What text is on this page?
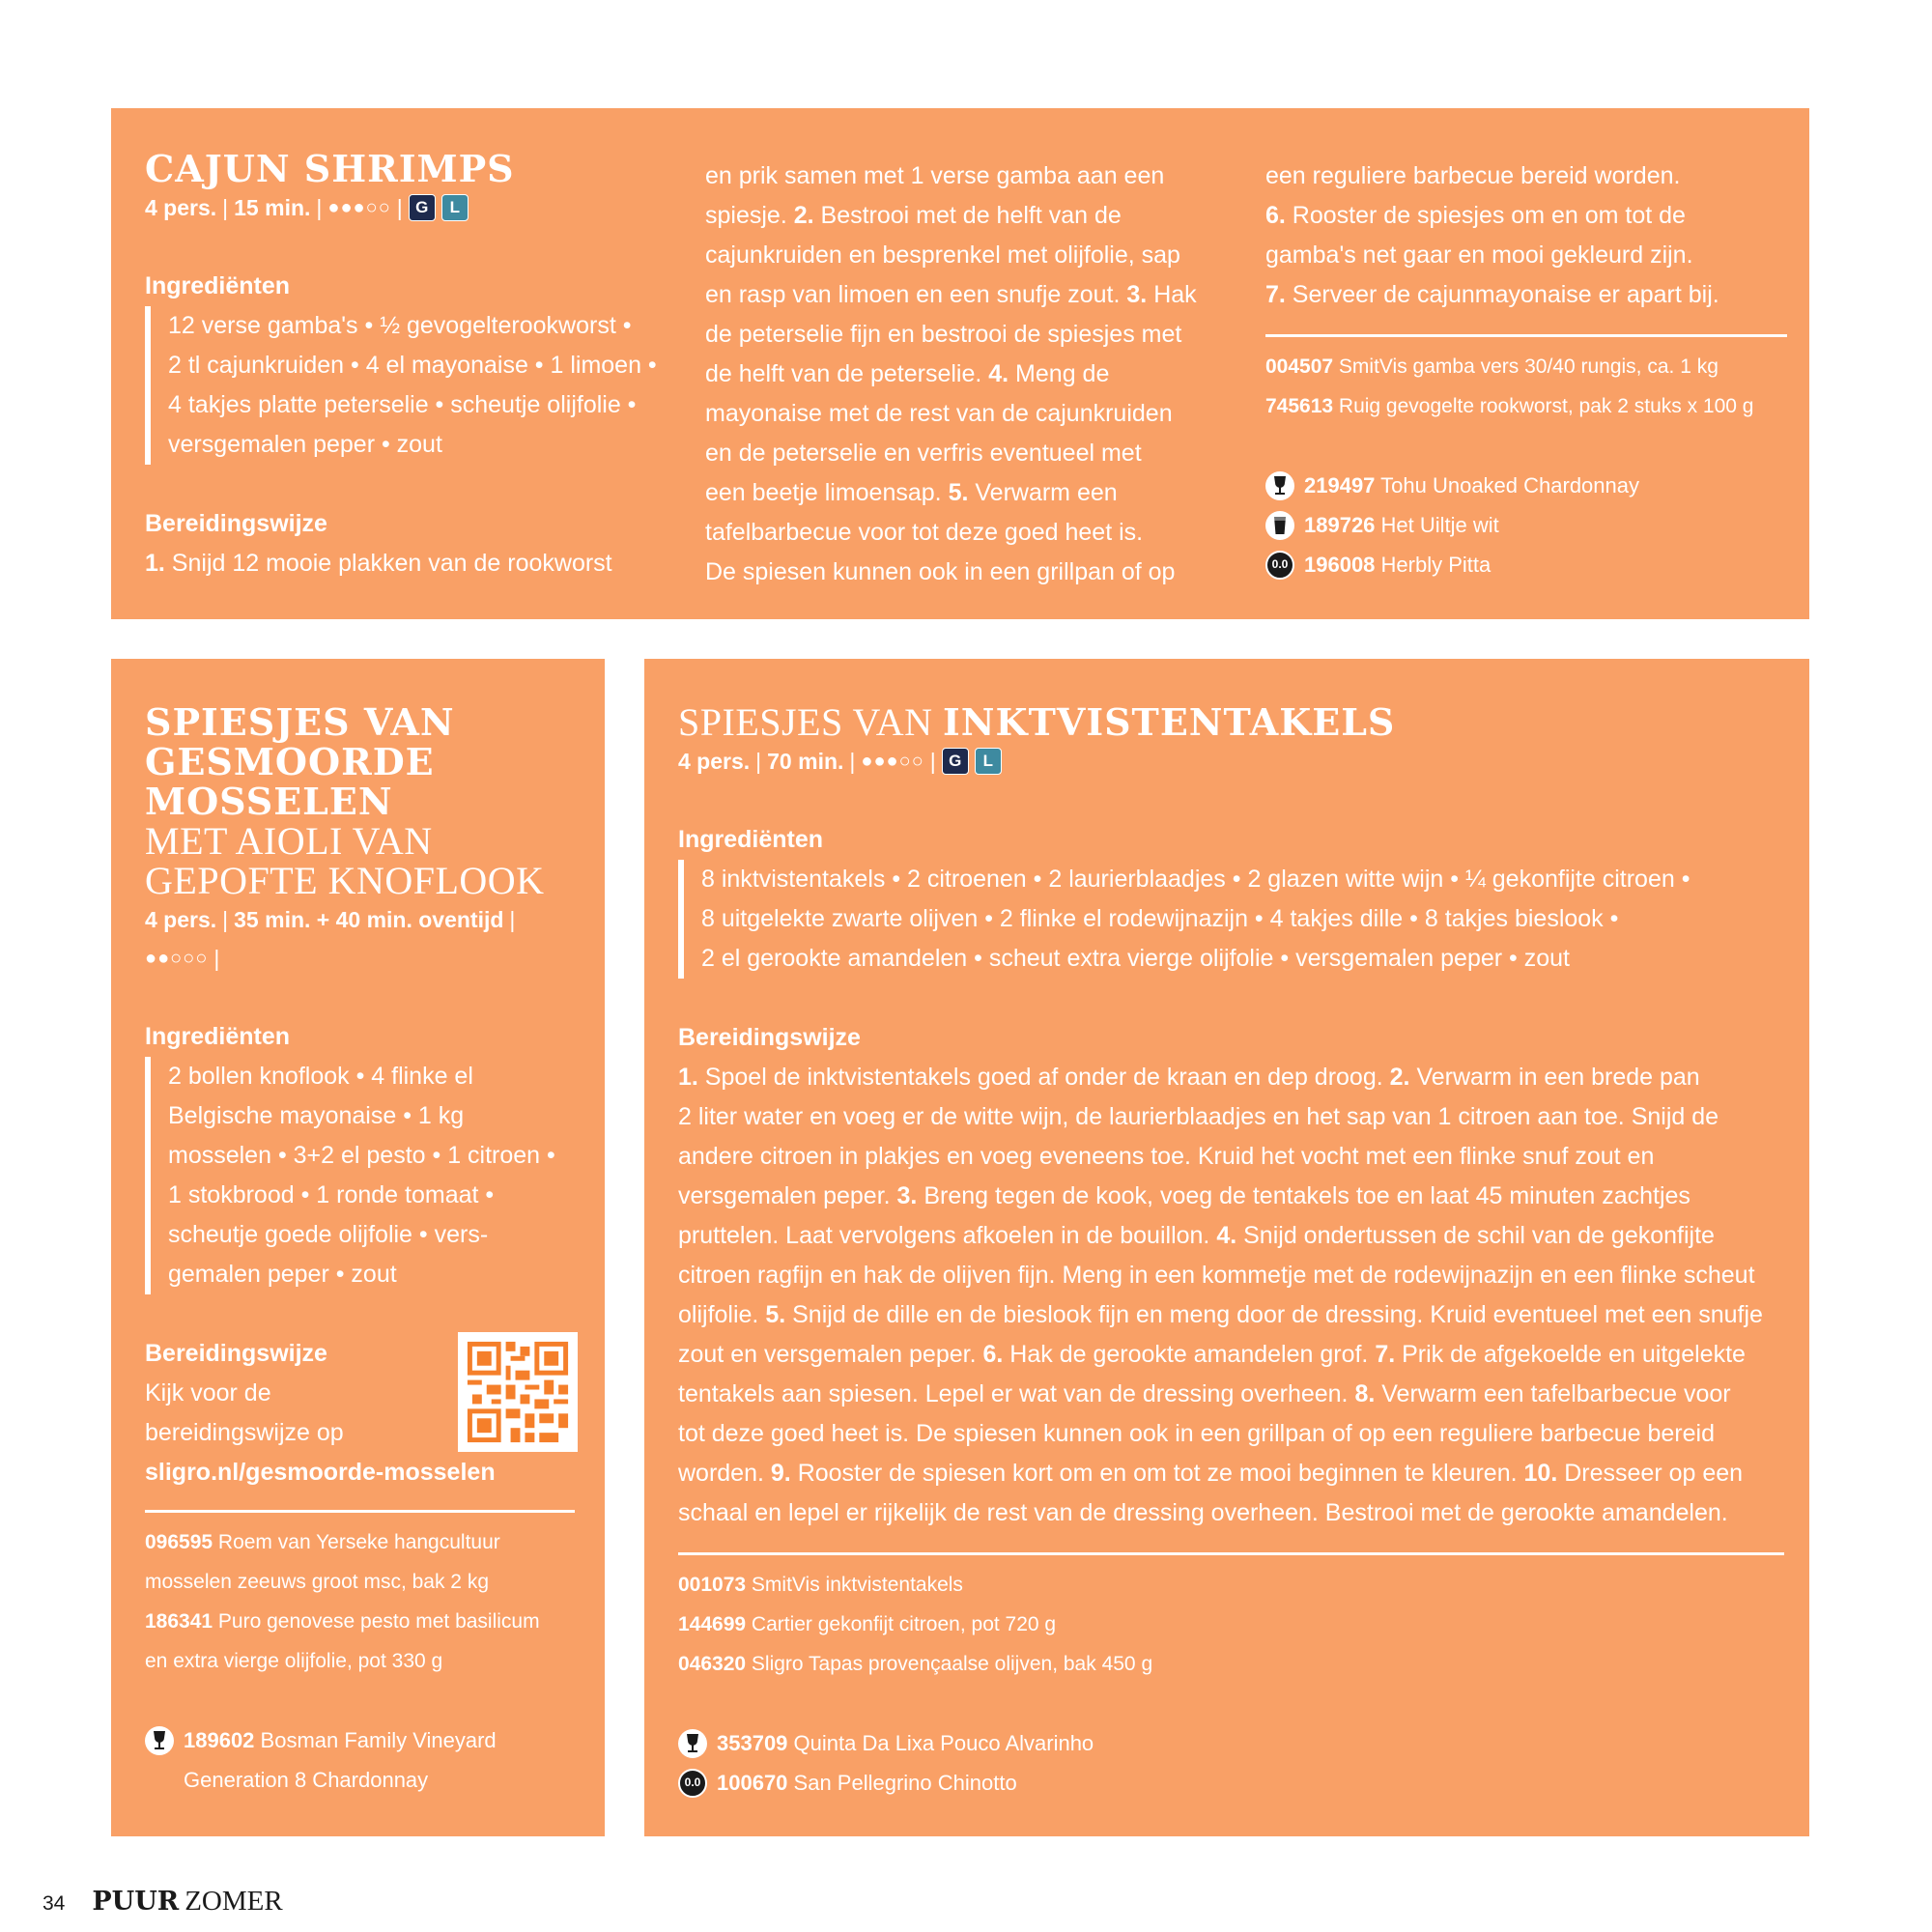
CAJUN SHRIMPS
4 pers. | 15 min. | ●●●○○ | G	L

Ingrediënten

12 verse gamba's • ½ gevogelterookworst •
2 tl cajunkruiden • 4 el mayonaise • 1 limoen •
4 takjes platte peterselie • scheutje olijfolie •
versgemalen peper • zout

Bereidingswijze

1. Snijd 12 mooie plakken van de rookworst

en prik samen met 1 verse gamba aan een

spiesje. 2. Bestrooi met de helft van de

cajunkruiden en besprenkel met olijfolie, sap

en rasp van limoen en een snufje zout. 3. Hak

de peterselie fijn en bestrooi de spiesjes met

de helft van de peterselie. 4. Meng de

mayonaise met de rest van de cajunkruiden

en de peterselie en verfris eventueel met

een beetje limoensap. 5. Verwarm een

tafelbarbecue voor tot deze goed heet is.

De spiesen kunnen ook in een grillpan of op

een reguliere barbecue bereid worden.

6. Rooster de spiesjes om en om tot de

gamba's net gaar en mooi gekleurd zijn.

7. Serveer de cajunmayonaise er apart bij.

004507 SmitVis gamba vers 30/40 rungis, ca. 1 kg

745613 Ruig gevogelte rookworst, pak 2 stuks x 100 g

219497 Tohu Unoaked Chardonnay
189726 Het Uiltje wit
0.0 196008 Herbly Pitta
SPIESJES VAN
GESMOORDE
MOSSELEN
MET AIOLI VAN
GEPOFTE KNOFLOOK
4 pers. | 35 min. + 40 min. oventijd |
●●○○○ |

Ingrediënten

2 bollen knoflook • 4 flinke el
Belgische mayonaise • 1 kg
mosselen • 3+2 el pesto • 1 citroen •
1 stokbrood • 1 ronde tomaat •
scheutje goede olijfolie • vers-
gemalen peper • zout

Bereidingswijze

Kijk voor de

bereidingswijze op

sligro.nl/gesmoorde-mosselen

096595 Roem van Yerseke hangcultuur

mosselen zeeuws groot msc, bak 2 kg

186341 Puro genovese pesto met basilicum

en extra vierge olijfolie, pot 330 g

189602 Bosman Family Vineyard

Generation 8 Chardonnay

SPIESJES VAN INKTVISTENTAKELS
4 pers. | 70 min. | ●●●○○ | G	L

Ingrediënten

8 inktvistentakels • 2 citroenen • 2 laurierblaadjes • 2 glazen witte wijn • ¼ gekonfijte citroen •
8 uitgelekte zwarte olijven • 2 flinke el rodewijnazijn • 4 takjes dille • 8 takjes bieslook •
2 el gerookte amandelen • scheut extra vierge olijfolie • versgemalen peper • zout

Bereidingswijze

1. Spoel de inktvistentakels goed af onder de kraan en dep droog. 2. Verwarm in een brede pan

2 liter water en voeg er de witte wijn, de laurierblaadjes en het sap van 1 citroen aan toe. Snijd de

andere citroen in plakjes en voeg eveneens toe. Kruid het vocht met een flinke snuf zout en

versgemalen peper. 3. Breng tegen de kook, voeg de tentakels toe en laat 45 minuten zachtjes

pruttelen. Laat vervolgens afkoelen in de bouillon. 4. Snijd ondertussen de schil van de gekonfijte

citroen ragfijn en hak de olijven fijn. Meng in een kommetje met de rodewijnazijn en een flinke scheut

olijfolie. 5. Snijd de dille en de bieslook fijn en meng door de dressing. Kruid eventueel met een snufje

zout en versgemalen peper. 6. Hak de gerookte amandelen grof. 7. Prik de afgekoelde en uitgelekte

tentakels aan spiesen. Lepel er wat van de dressing overheen. 8. Verwarm een tafelbarbecue voor

tot deze goed heet is. De spiesen kunnen ook in een grillpan of op een reguliere barbecue bereid

worden. 9. Rooster de spiesen kort om en om tot ze mooi beginnen te kleuren. 10. Dresseer op een

schaal en lepel er rijkelijk de rest van de dressing overheen. Bestrooi met de gerookte amandelen.

001073 SmitVis inktvistentakels

144699 Cartier gekonfijt citroen, pot 720 g

046320 Sligro Tapas provençaalse olijven, bak 450 g

353709 Quinta Da Lixa Pouco Alvarinho
0.0 100670 San Pellegrino Chinotto
34 PUUR ZOMER
